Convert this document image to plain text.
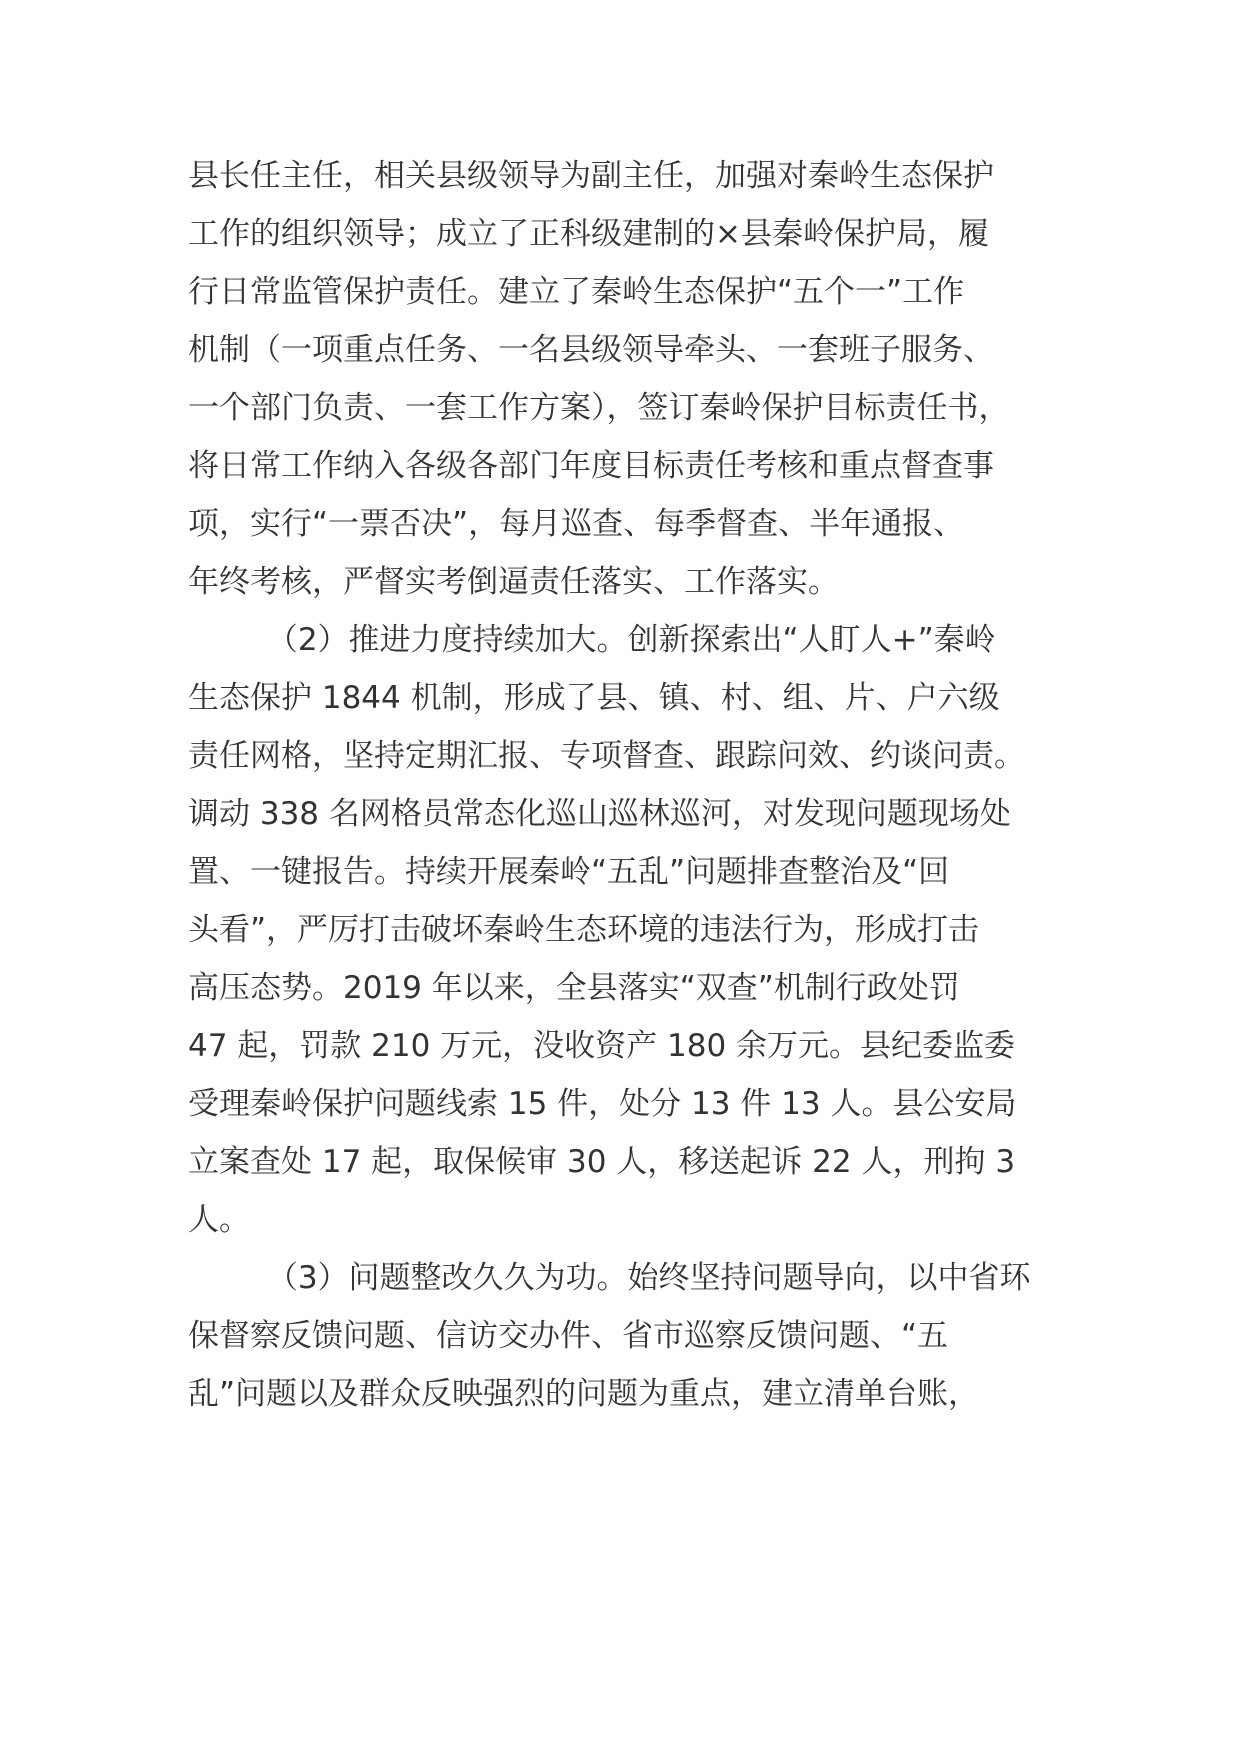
县长任主任，相关县级领导为副主任，加强对秦岭生态保护
工作的组织领导；成立了正科级建制的×县秦岭保护局，履
行日常监管保护责任。建立了秦岭生态保护“五个一”工作
机制（一项重点任务、一名县级领导牵头、一套班子服务、
一个部门负责、一套工作方案），签订秦岭保护目标责任书，
将日常工作纳入各级各部门年度目标责任考核和重点督查事
项，实行“一票否决”，每月巡查、每季督查、半年通报、
年终考核，严督实考倒逼责任落实、工作落实。
（2）推进力度持续加大。创新探索出“人盯人+”秦岭
生态保护 1844 机制，形成了县、镇、村、组、片、户六级
责任网格，坚持定期汇报、专项督查、跟踪问效、约谈问责。
调动 338 名网格员常态化巡山巡林巡河，对发现问题现场处
置、一键报告。持续开展秦岭“五乱”问题排查整治及“回
头看”，严厉打击破坏秦岭生态环境的违法行为，形成打击
高压态势。2019 年以来，全县落实“双查”机制行政处罚
47 起，罚款 210 万元，没收资产 180 余万元。县纪委监委
受理秦岭保护问题线索 15 件，处分 13 件 13 人。县公安局
立案查处 17 起，取保候审 30 人，移送起诉 22 人，刑拘 3
人。
（3）问题整改久久为功。始终坚持问题导向，以中省环
保督察反馈问题、信访交办件、省市巡察反馈问题、“五
乱”问题以及群众反映强烈的问题为重点，建立清单台账，
